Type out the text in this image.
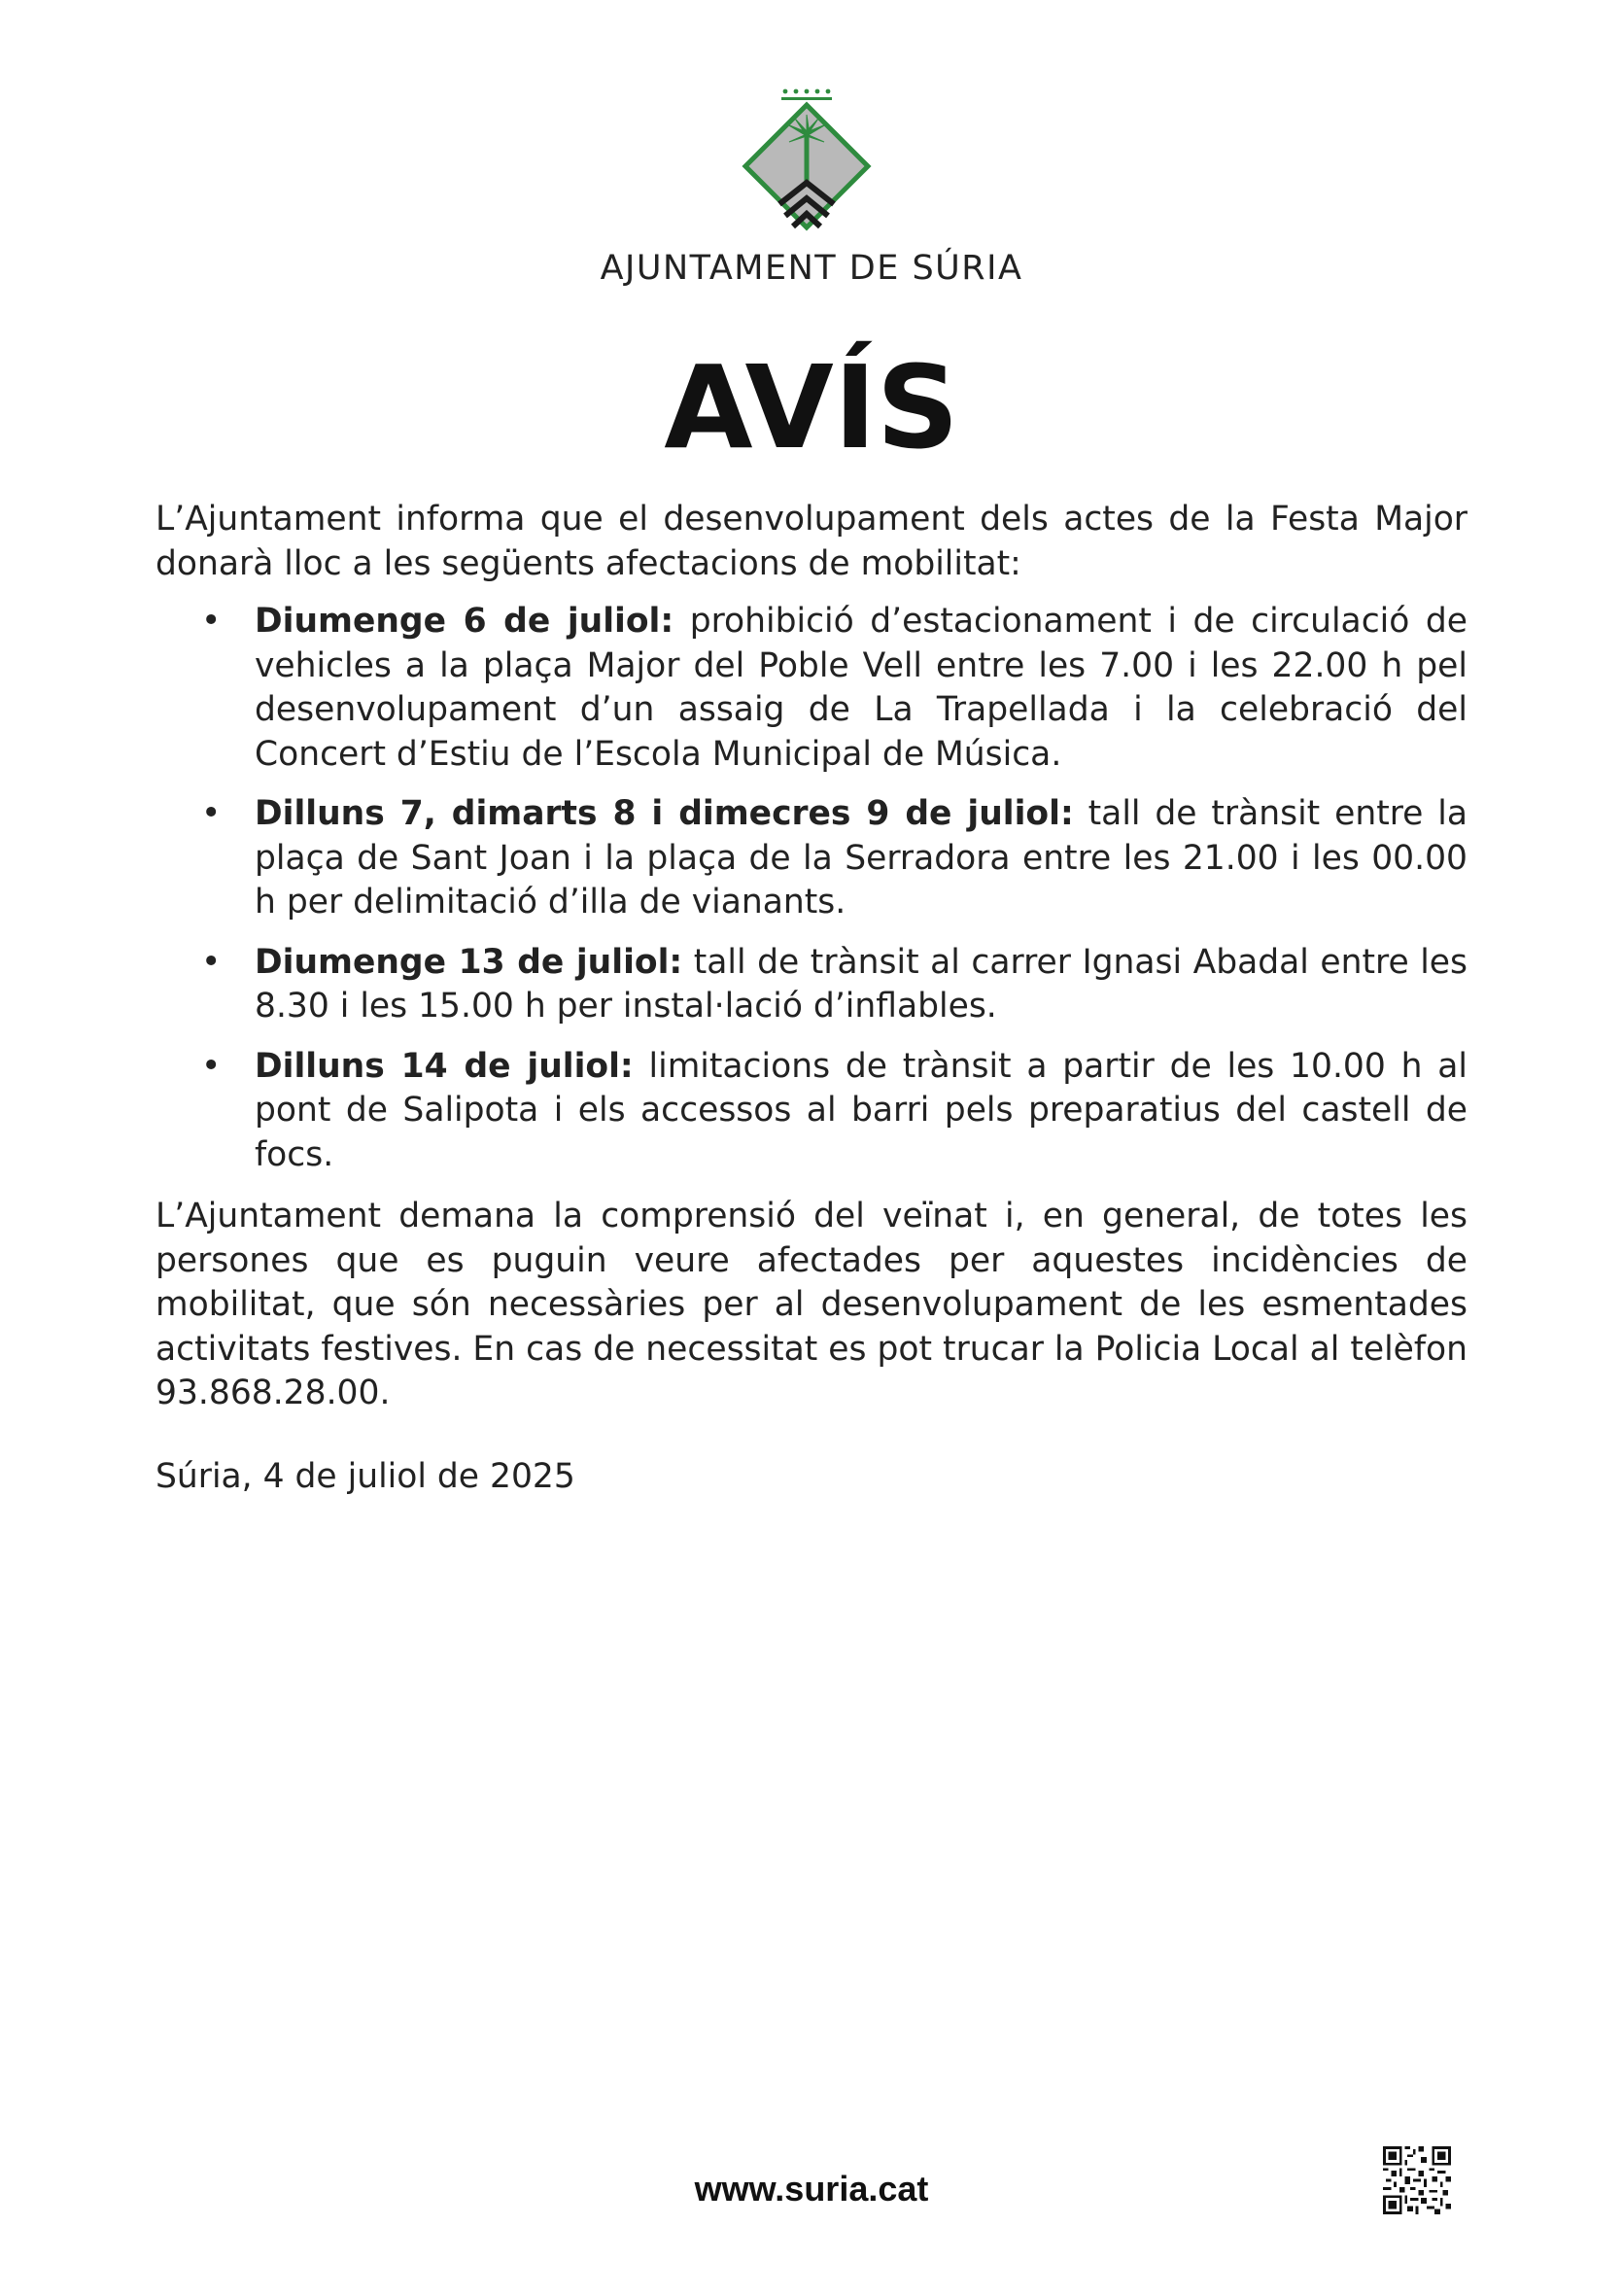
AJUNTAMENT DE SÚRIA
AVÍS

L’Ajuntament informa que el desenvolupament dels actes de la Festa Major donarà lloc a les següents afectacions de mobilitat:

• Diumenge 6 de juliol: prohibició d’estacionament i de circulació de vehicles a la plaça Major del Poble Vell entre les 7.00 i les 22.00 h pel desenvolupament d’un assaig de La Trapellada i la celebració del Concert d’Estiu de l’Escola Municipal de Música.
• Dilluns 7, dimarts 8 i dimecres 9 de juliol: tall de trànsit entre la plaça de Sant Joan i la plaça de la Serradora entre les 21.00 i les 00.00 h per delimitació d’illa de vianants.
• Diumenge 13 de juliol: tall de trànsit al carrer Ignasi Abadal entre les 8.30 i les 15.00 h per instal·lació d’inflables.
• Dilluns 14 de juliol: limitacions de trànsit a partir de les 10.00 h al pont de Salipota i els accessos al barri pels preparatius del castell de focs.

L’Ajuntament demana la comprensió del veïnat i, en general, de totes les persones que es puguin veure afectades per aquestes incidències de mobilitat, que són necessàries per al desenvolupament de les esmentades activitats festives. En cas de necessitat es pot trucar la Policia Local al telèfon 93.868.28.00.

Súria, 4 de juliol de 2025

www.suria.cat
